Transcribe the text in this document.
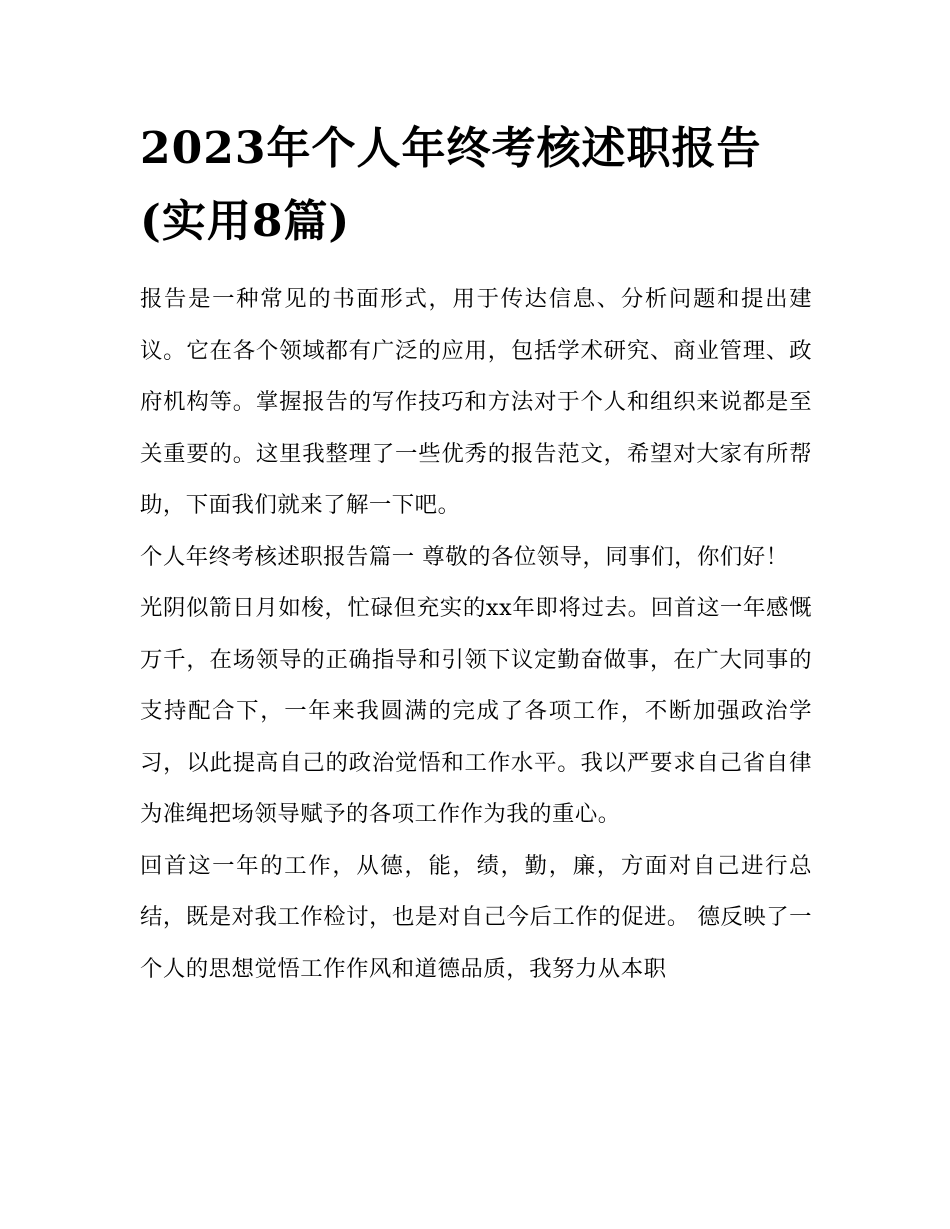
2023年个人年终考核述职报告(实用8篇)

报告是一种常见的书面形式，用于传达信息、分析问题和提出建议。它在各个领域都有广泛的应用，包括学术研究、商业管理、政府机构等。掌握报告的写作技巧和方法对于个人和组织来说都是至关重要的。这里我整理了一些优秀的报告范文，希望对大家有所帮助，下面我们就来了解一下吧。

个人年终考核述职报告篇一 尊敬的各位领导，同事们，你们好！

光阴似箭日月如梭，忙碌但充实的xx年即将过去。回首这一年感慨万千，在场领导的正确指导和引领下议定勤奋做事，在广大同事的支持配合下，一年来我圆满的完成了各项工作，不断加强政治学习，以此提高自己的政治觉悟和工作水平。我以严要求自己省自律为准绳把场领导赋予的各项工作作为我的重心。

回首这一年的工作，从德，能，绩，勤，廉，方面对自己进行总结，既是对我工作检讨，也是对自己今后工作的促进。 德反映了一个人的思想觉悟工作作风和道德品质，我努力从本职
